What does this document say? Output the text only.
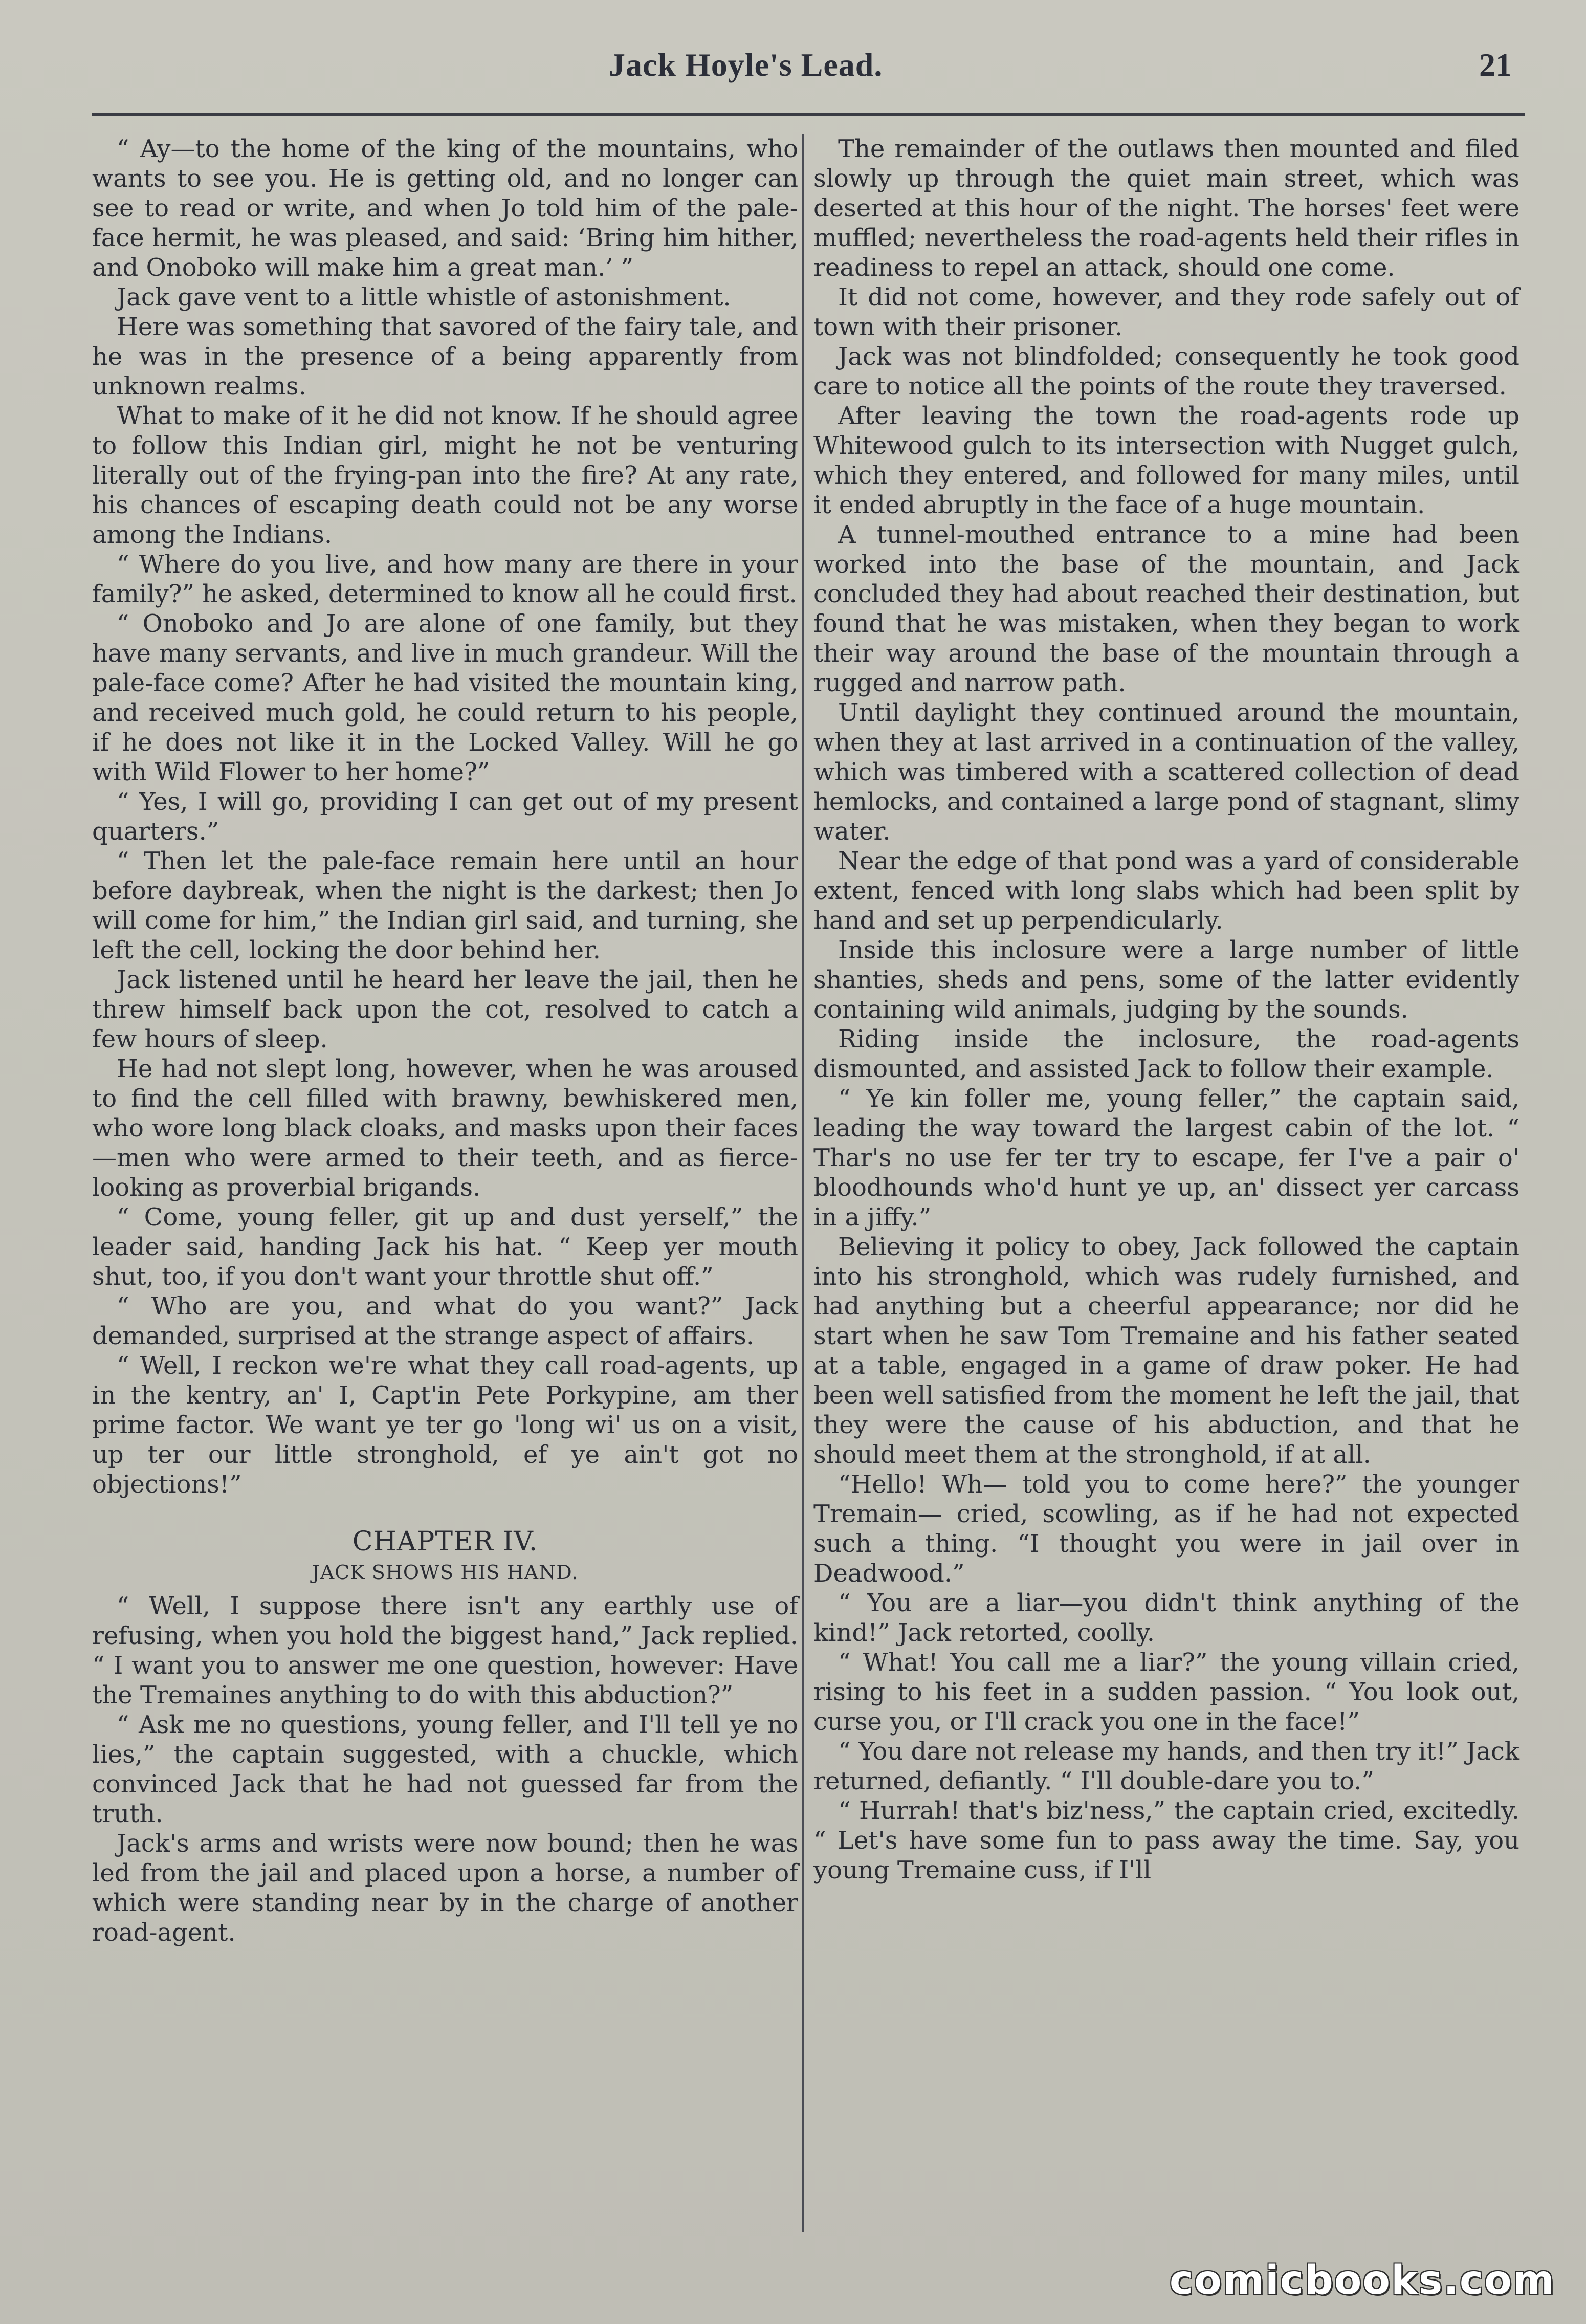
Jack Hoyle's Lead.	21

“ Ay—to the home of the king of the mountains, who wants to see you. He is getting old, and no longer can see to read or write, and when Jo told him of the pale-face hermit, he was pleased, and said: ‘Bring him hither, and Onoboko will make him a great man.’ ”

Jack gave vent to a little whistle of astonishment.

Here was something that savored of the fairy tale, and he was in the presence of a being apparently from unknown realms.

What to make of it he did not know. If he should agree to follow this Indian girl, might he not be venturing literally out of the frying-pan into the fire? At any rate, his chances of escaping death could not be any worse among the Indians.

“ Where do you live, and how many are there in your family?” he asked, determined to know all he could first.

“ Onoboko and Jo are alone of one family, but they have many servants, and live in much grandeur. Will the pale-face come? After he had visited the mountain king, and received much gold, he could return to his people, if he does not like it in the Locked Valley. Will he go with Wild Flower to her home?”

“ Yes, I will go, providing I can get out of my present quarters.”

“ Then let the pale-face remain here until an hour before daybreak, when the night is the darkest; then Jo will come for him,” the Indian girl said, and turning, she left the cell, locking the door behind her.

Jack listened until he heard her leave the jail, then he threw himself back upon the cot, resolved to catch a few hours of sleep.

He had not slept long, however, when he was aroused to find the cell filled with brawny, bewhiskered men, who wore long black cloaks, and masks upon their faces—men who were armed to their teeth, and as fierce-looking as proverbial brigands.

“ Come, young feller, git up and dust yerself,” the leader said, handing Jack his hat. “ Keep yer mouth shut, too, if you don't want your throttle shut off.”

“ Who are you, and what do you want?” Jack demanded, surprised at the strange aspect of affairs.

“ Well, I reckon we're what they call road-agents, up in the kentry, an' I, Capt'in Pete Porkypine, am ther prime factor. We want ye ter go 'long wi' us on a visit, up ter our little stronghold, ef ye ain't got no objections!”

CHAPTER IV.
JACK SHOWS HIS HAND.

“ Well, I suppose there isn't any earthly use of refusing, when you hold the biggest hand,” Jack replied. “ I want you to answer me one question, however: Have the Tremaines anything to do with this abduction?”

“ Ask me no questions, young feller, and I'll tell ye no lies,” the captain suggested, with a chuckle, which convinced Jack that he had not guessed far from the truth.

Jack's arms and wrists were now bound; then he was led from the jail and placed upon a horse, a number of which were standing near by in the charge of another road-agent.

The remainder of the outlaws then mounted and filed slowly up through the quiet main street, which was deserted at this hour of the night. The horses' feet were muffled; nevertheless the road-agents held their rifles in readiness to repel an attack, should one come.

It did not come, however, and they rode safely out of town with their prisoner.

Jack was not blindfolded; consequently he took good care to notice all the points of the route they traversed.

After leaving the town the road-agents rode up Whitewood gulch to its intersection with Nugget gulch, which they entered, and followed for many miles, until it ended abruptly in the face of a huge mountain.

A tunnel-mouthed entrance to a mine had been worked into the base of the mountain, and Jack concluded they had about reached their destination, but found that he was mistaken, when they began to work their way around the base of the mountain through a rugged and narrow path.

Until daylight they continued around the mountain, when they at last arrived in a continuation of the valley, which was timbered with a scattered collection of dead hemlocks, and contained a large pond of stagnant, slimy water.

Near the edge of that pond was a yard of considerable extent, fenced with long slabs which had been split by hand and set up perpendicularly.

Inside this inclosure were a large number of little shanties, sheds and pens, some of the latter evidently containing wild animals, judging by the sounds.

Riding inside the inclosure, the road-agents dismounted, and assisted Jack to follow their example.

“ Ye kin foller me, young feller,” the captain said, leading the way toward the largest cabin of the lot. “ Thar's no use fer ter try to escape, fer I've a pair o' bloodhounds who'd hunt ye up, an' dissect yer carcass in a jiffy.”

Believing it policy to obey, Jack followed the captain into his stronghold, which was rudely furnished, and had anything but a cheerful appearance; nor did he start when he saw Tom Tremaine and his father seated at a table, engaged in a game of draw poker. He had been well satisfied from the moment he left the jail, that they were the cause of his abduction, and that he should meet them at the stronghold, if at all.

“Hello! Wh— told you to come here?” the younger Tremain— cried, scowling, as if he had not expected such a thing. “I thought you were in jail over in Deadwood.”

“ You are a liar—you didn't think anything of the kind!” Jack retorted, coolly.

“ What! You call me a liar?” the young villain cried, rising to his feet in a sudden passion. “ You look out, curse you, or I'll crack you one in the face!”

“ You dare not release my hands, and then try it!” Jack returned, defiantly. “ I'll double-dare you to.”

“ Hurrah! that's biz'ness,” the captain cried, excitedly. “ Let's have some fun to pass away the time. Say, you young Tremaine cuss, if I'll

comicbooks.com
